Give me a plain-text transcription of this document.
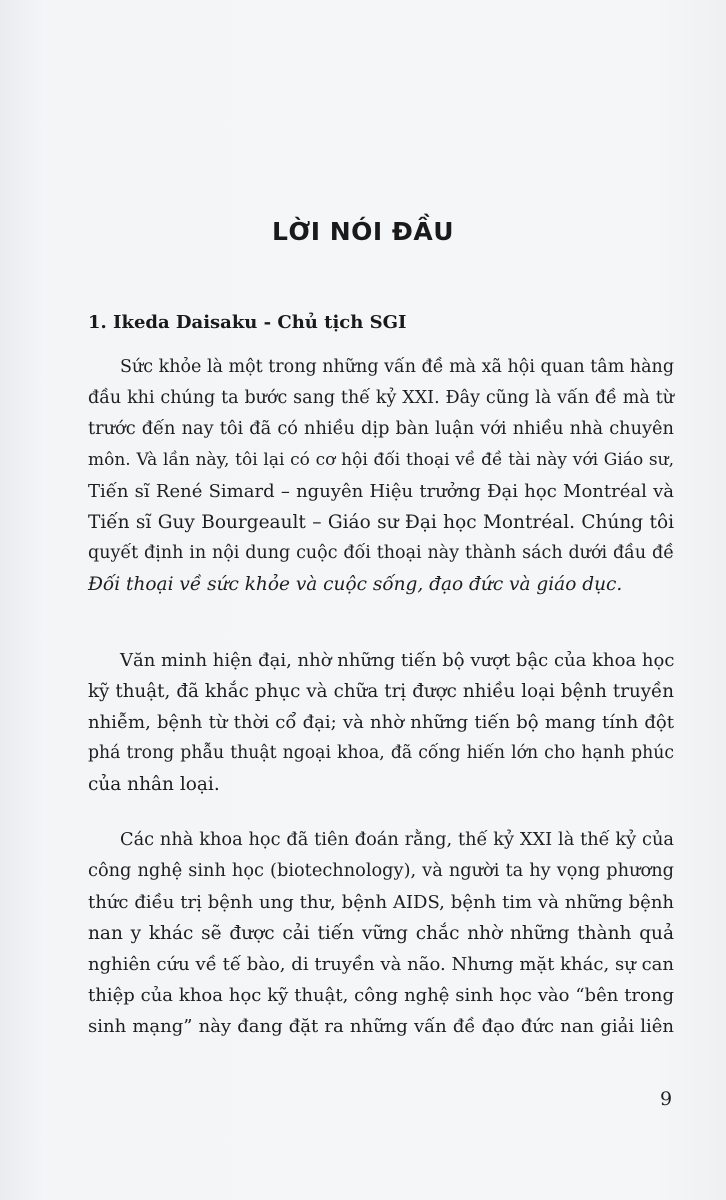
LỜI NÓI ĐẦU
1. Ikeda Daisaku - Chủ tịch SGI
Sức khỏe là một trong những vấn đề mà xã hội quan tâm hàng
đầu khi chúng ta bước sang thế kỷ XXI. Đây cũng là vấn đề mà từ
trước đến nay tôi đã có nhiều dịp bàn luận với nhiều nhà chuyên
môn. Và lần này, tôi lại có cơ hội đối thoại về đề tài này với Giáo sư,
Tiến sĩ René Simard – nguyên Hiệu trưởng Đại học Montréal và
Tiến sĩ Guy Bourgeault – Giáo sư Đại học Montréal. Chúng tôi
quyết định in nội dung cuộc đối thoại này thành sách dưới đầu đề
Đối thoại về sức khỏe và cuộc sống, đạo đức và giáo dục.
Văn minh hiện đại, nhờ những tiến bộ vượt bậc của khoa học
kỹ thuật, đã khắc phục và chữa trị được nhiều loại bệnh truyền
nhiễm, bệnh từ thời cổ đại; và nhờ những tiến bộ mang tính đột
phá trong phẫu thuật ngoại khoa, đã cống hiến lớn cho hạnh phúc
của nhân loại.
Các nhà khoa học đã tiên đoán rằng, thế kỷ XXI là thế kỷ của
công nghệ sinh học (biotechnology), và người ta hy vọng phương
thức điều trị bệnh ung thư, bệnh AIDS, bệnh tim và những bệnh
nan y khác sẽ được cải tiến vững chắc nhờ những thành quả
nghiên cứu về tế bào, di truyền và não. Nhưng mặt khác, sự can
thiệp của khoa học kỹ thuật, công nghệ sinh học vào “bên trong
sinh mạng” này đang đặt ra những vấn đề đạo đức nan giải liên
9
